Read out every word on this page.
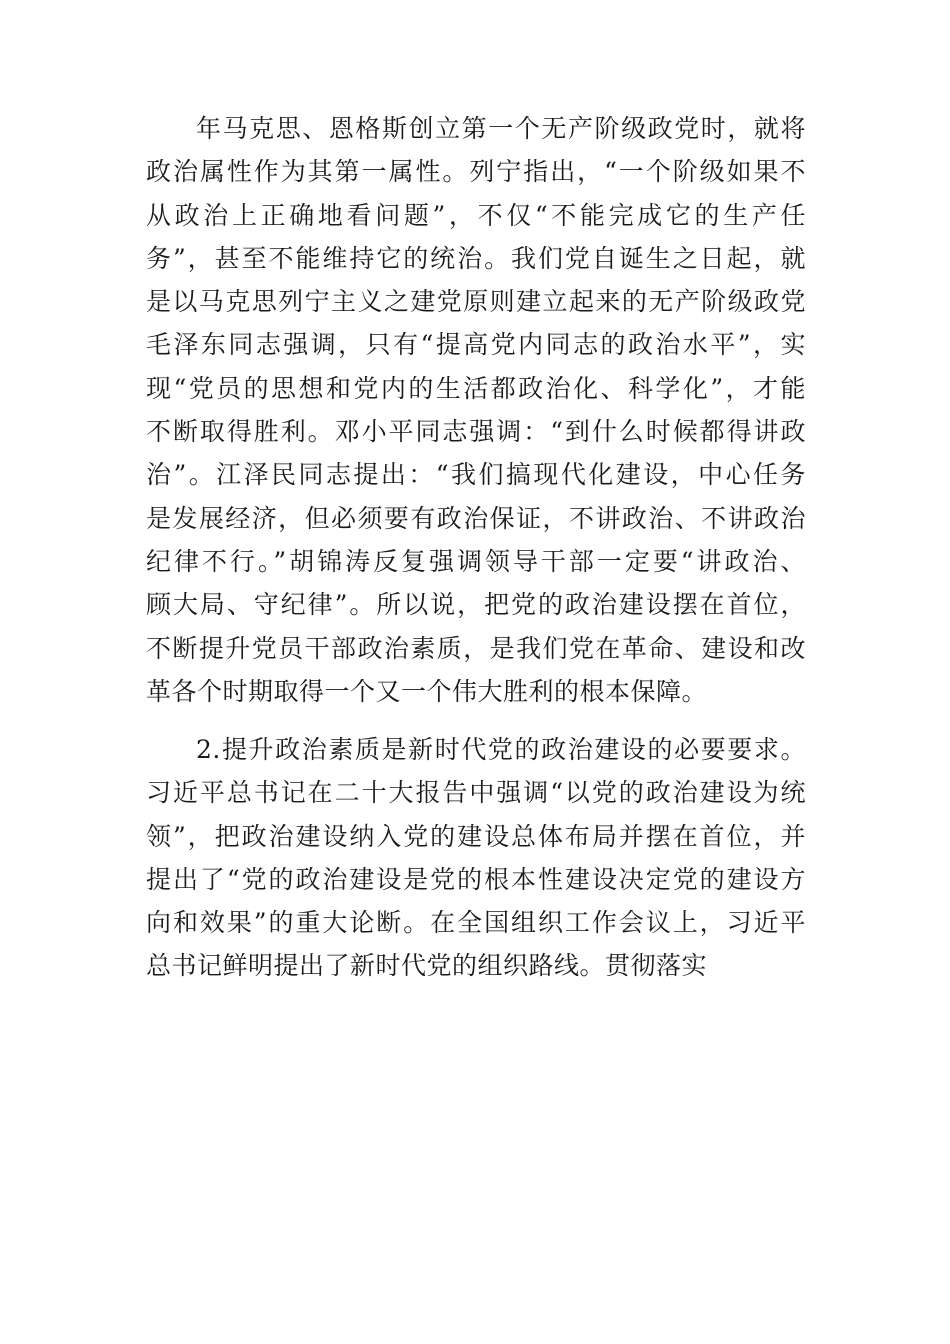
年马克思、恩格斯创立第一个无产阶级政党时，就将
政治属性作为其第一属性。列宁指出，“一个阶级如果不
从政治上正确地看问题”，不仅“不能完成它的生产任
务”，甚至不能维持它的统治。我们党自诞生之日起，就
是以马克思列宁主义之建党原则建立起来的无产阶级政党
毛泽东同志强调，只有“提高党内同志的政治水平”，实
现“党员的思想和党内的生活都政治化、科学化”，才能
不断取得胜利。邓小平同志强调：“到什么时候都得讲政
治”。江泽民同志提出：“我们搞现代化建设，中心任务
是发展经济，但必须要有政治保证，不讲政治、不讲政治
纪律不行。”胡锦涛反复强调领导干部一定要“讲政治、
顾大局、守纪律”。所以说，把党的政治建设摆在首位，
不断提升党员干部政治素质，是我们党在革命、建设和改
革各个时期取得一个又一个伟大胜利的根本保障。
2.提升政治素质是新时代党的政治建设的必要要求。
习近平总书记在二十大报告中强调“以党的政治建设为统
领”，把政治建设纳入党的建设总体布局并摆在首位，并
提出了“党的政治建设是党的根本性建设决定党的建设方
向和效果”的重大论断。在全国组织工作会议上，习近平
总书记鲜明提出了新时代党的组织路线。贯彻落实
